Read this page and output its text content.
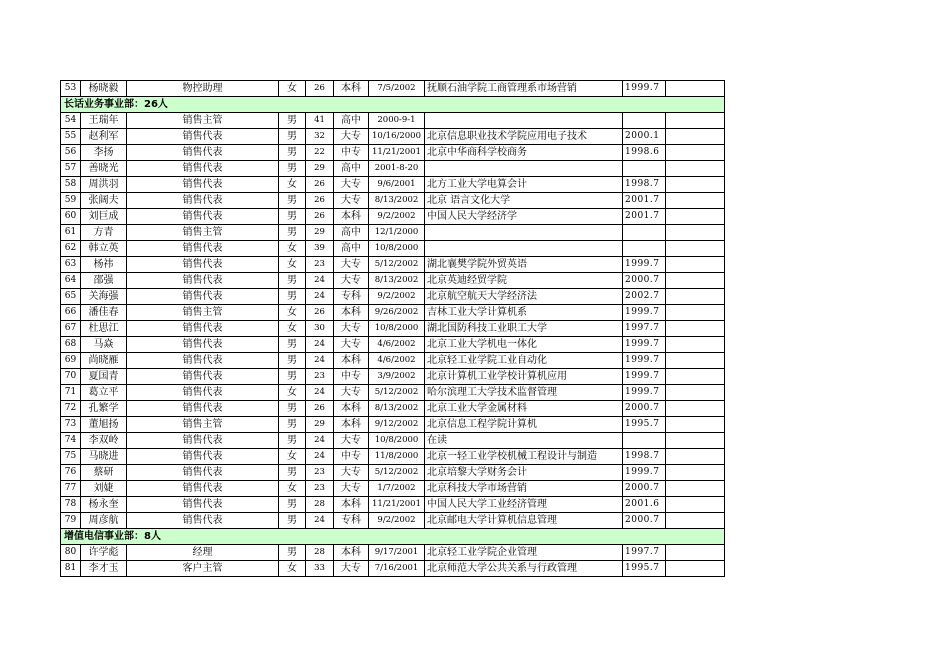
53	杨晓毅	物控助理	女	26	本科	7/5/2002	抚顺石油学院工商管理系市场营销	1999.7	
长话业务事业部：26人									
54	王瑞年	销售主管	男	41	高中	2000-9-1			
55	赵利军	销售代表	男	32	大专	10/16/2000	北京信息职业技术学院应用电子技术	2000.1	
56	李扬	销售代表	男	22	中专	11/21/2001	北京中华商科学校商务	1998.6	
57	善晓光	销售代表	男	29	高中	2001-8-20			
58	周洪羽	销售代表	女	26	大专	9/6/2001	北方工业大学电算会计	1998.7	
59	张阔夫	销售代表	男	26	大专	8/13/2002	北京 语言文化大学	2001.7	
60	刘巨成	销售代表	男	26	本科	9/2/2002	中国人民大学经济学	2001.7	
61	方青	销售主管	男	29	高中	12/1/2000			
62	韩立英	销售代表	女	39	高中	10/8/2000			
63	杨祎	销售代表	女	23	大专	5/12/2002	湖北襄樊学院外贸英语	1999.7	
64	邵强	销售代表	男	24	大专	8/13/2002	北京英迪经贸学院	2000.7	
65	关海强	销售代表	男	24	专科	9/2/2002	北京航空航天大学经济法	2002.7	
66	潘佳春	销售主管	女	26	本科	9/26/2002	吉林工业大学计算机系	1999.7	
67	杜思江	销售代表	女	30	大专	10/8/2000	湖北国防科技工业职工大学	1997.7	
68	马焱	销售代表	男	24	大专	4/6/2002	北京工业大学机电一体化	1999.7	
69	尚晓雁	销售代表	男	24	本科	4/6/2002	北京轻工业学院工业自动化	1999.7	
70	夏国青	销售代表	男	23	中专	3/9/2002	北京计算机工业学校计算机应用	1999.7	
71	葛立平	销售代表	女	24	大专	5/12/2002	哈尔滨理工大学技术监督管理	1999.7	
72	孔繁学	销售代表	男	26	本科	8/13/2002	北京工业大学金属材料	2000.7	
73	董旭扬	销售主管	男	29	本科	9/12/2002	北京信息工程学院计算机	1995.7	
74	李双岭	销售代表	男	24	大专	10/8/2000	在读		
75	马晓进	销售代表	女	24	中专	11/8/2000	北京一轻工业学校机械工程设计与制造	1998.7	
76	蔡研	销售代表	男	23	大专	5/12/2002	北京培黎大学财务会计	1999.7	
77	刘婕	销售代表	女	23	大专	1/7/2002	北京科技大学市场营销	2000.7	
78	杨永奎	销售代表	男	28	本科	11/21/2001	中国人民大学工业经济管理	2001.6	
79	周彦航	销售代表	男	24	专科	9/2/2002	北京邮电大学计算机信息管理	2000.7	
增值电信事业部：8人									
80	许学彪	经理	男	28	本科	9/17/2001	北京轻工业学院企业管理	1997.7	
81	李才玉	客户主管	女	33	大专	7/16/2001	北京师范大学公共关系与行政管理	1995.7	
